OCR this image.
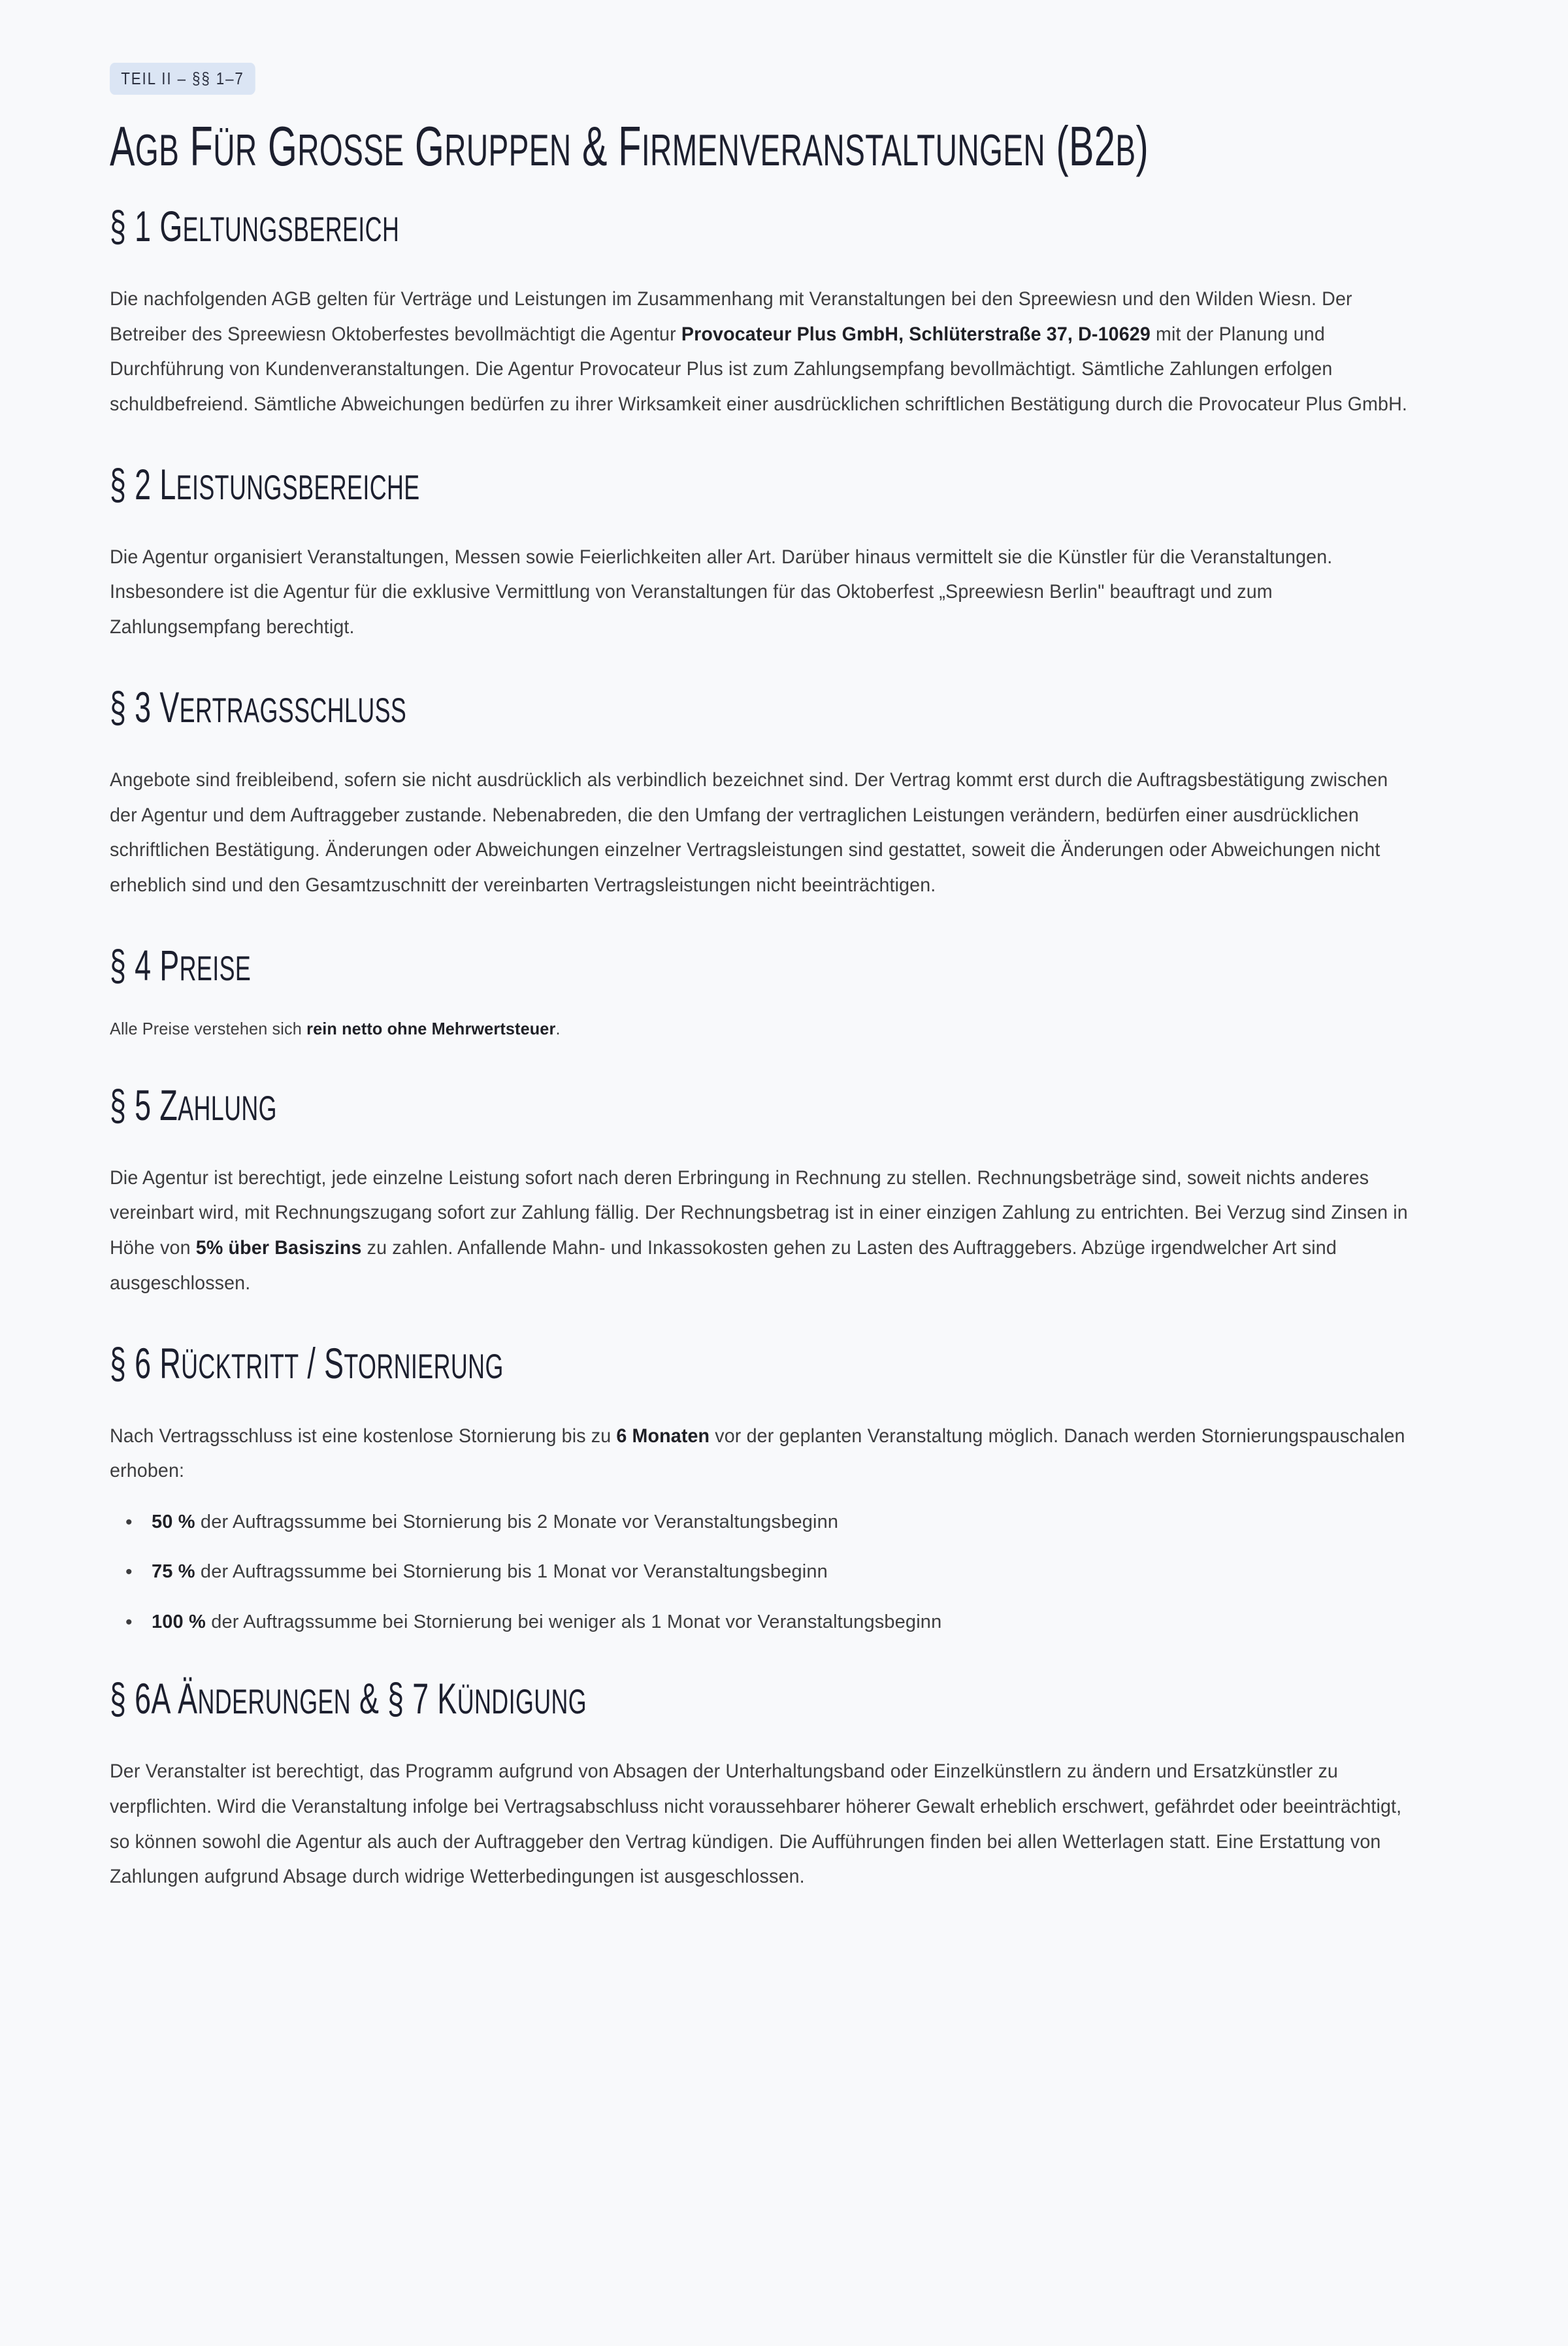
TEIL II – §§ 1–7
AGB FÜR GROSSE GRUPPEN & FIRMENVERANSTALTUNGEN (B2B)
§ 1 GELTUNGSBEREICH

Die nachfolgenden AGB gelten für Verträge und Leistungen im Zusammenhang mit Veranstaltungen bei den Spreewiesn und den Wilden Wiesn. Der Betreiber des Spreewiesn Oktoberfestes bevollmächtigt die Agentur Provocateur Plus GmbH, Schlüterstraße 37, D-10629 mit der Planung und Durchführung von Kundenveranstaltungen. Die Agentur Provocateur Plus ist zum Zahlungsempfang bevollmächtigt. Sämtliche Zahlungen erfolgen schuldbefreiend. Sämtliche Abweichungen bedürfen zu ihrer Wirksamkeit einer ausdrücklichen schriftlichen Bestätigung durch die Provocateur Plus GmbH.

§ 2 LEISTUNGSBEREICHE

Die Agentur organisiert Veranstaltungen, Messen sowie Feierlichkeiten aller Art. Darüber hinaus vermittelt sie die Künstler für die Veranstaltungen. Insbesondere ist die Agentur für die exklusive Vermittlung von Veranstaltungen für das Oktoberfest „Spreewiesn Berlin" beauftragt und zum Zahlungsempfang berechtigt.

§ 3 VERTRAGSSCHLUSS

Angebote sind freibleibend, sofern sie nicht ausdrücklich als verbindlich bezeichnet sind. Der Vertrag kommt erst durch die Auftragsbestätigung zwischen der Agentur und dem Auftraggeber zustande. Nebenabreden, die den Umfang der vertraglichen Leistungen verändern, bedürfen einer ausdrücklichen schriftlichen Bestätigung. Änderungen oder Abweichungen einzelner Vertragsleistungen sind gestattet, soweit die Änderungen oder Abweichungen nicht erheblich sind und den Gesamtzuschnitt der vereinbarten Vertragsleistungen nicht beeinträchtigen.

§ 4 PREISE

Alle Preise verstehen sich rein netto ohne Mehrwertsteuer.

§ 5 ZAHLUNG

Die Agentur ist berechtigt, jede einzelne Leistung sofort nach deren Erbringung in Rechnung zu stellen. Rechnungsbeträge sind, soweit nichts anderes vereinbart wird, mit Rechnungszugang sofort zur Zahlung fällig. Der Rechnungsbetrag ist in einer einzigen Zahlung zu entrichten. Bei Verzug sind Zinsen in Höhe von 5% über Basiszins zu zahlen. Anfallende Mahn- und Inkassokosten gehen zu Lasten des Auftraggebers. Abzüge irgendwelcher Art sind ausgeschlossen.

§ 6 RÜCKTRITT / STORNIERUNG

Nach Vertragsschluss ist eine kostenlose Stornierung bis zu 6 Monaten vor der geplanten Veranstaltung möglich. Danach werden Stornierungspauschalen erhoben:

• 50 % der Auftragssumme bei Stornierung bis 2 Monate vor Veranstaltungsbeginn
• 75 % der Auftragssumme bei Stornierung bis 1 Monat vor Veranstaltungsbeginn
• 100 % der Auftragssumme bei Stornierung bei weniger als 1 Monat vor Veranstaltungsbeginn
§ 6A ÄNDERUNGEN & § 7 KÜNDIGUNG

Der Veranstalter ist berechtigt, das Programm aufgrund von Absagen der Unterhaltungsband oder Einzelkünstlern zu ändern und Ersatzkünstler zu verpflichten. Wird die Veranstaltung infolge bei Vertragsabschluss nicht voraussehbarer höherer Gewalt erheblich erschwert, gefährdet oder beeinträchtigt, so können sowohl die Agentur als auch der Auftraggeber den Vertrag kündigen. Die Aufführungen finden bei allen Wetterlagen statt. Eine Erstattung von Zahlungen aufgrund Absage durch widrige Wetterbedingungen ist ausgeschlossen.
